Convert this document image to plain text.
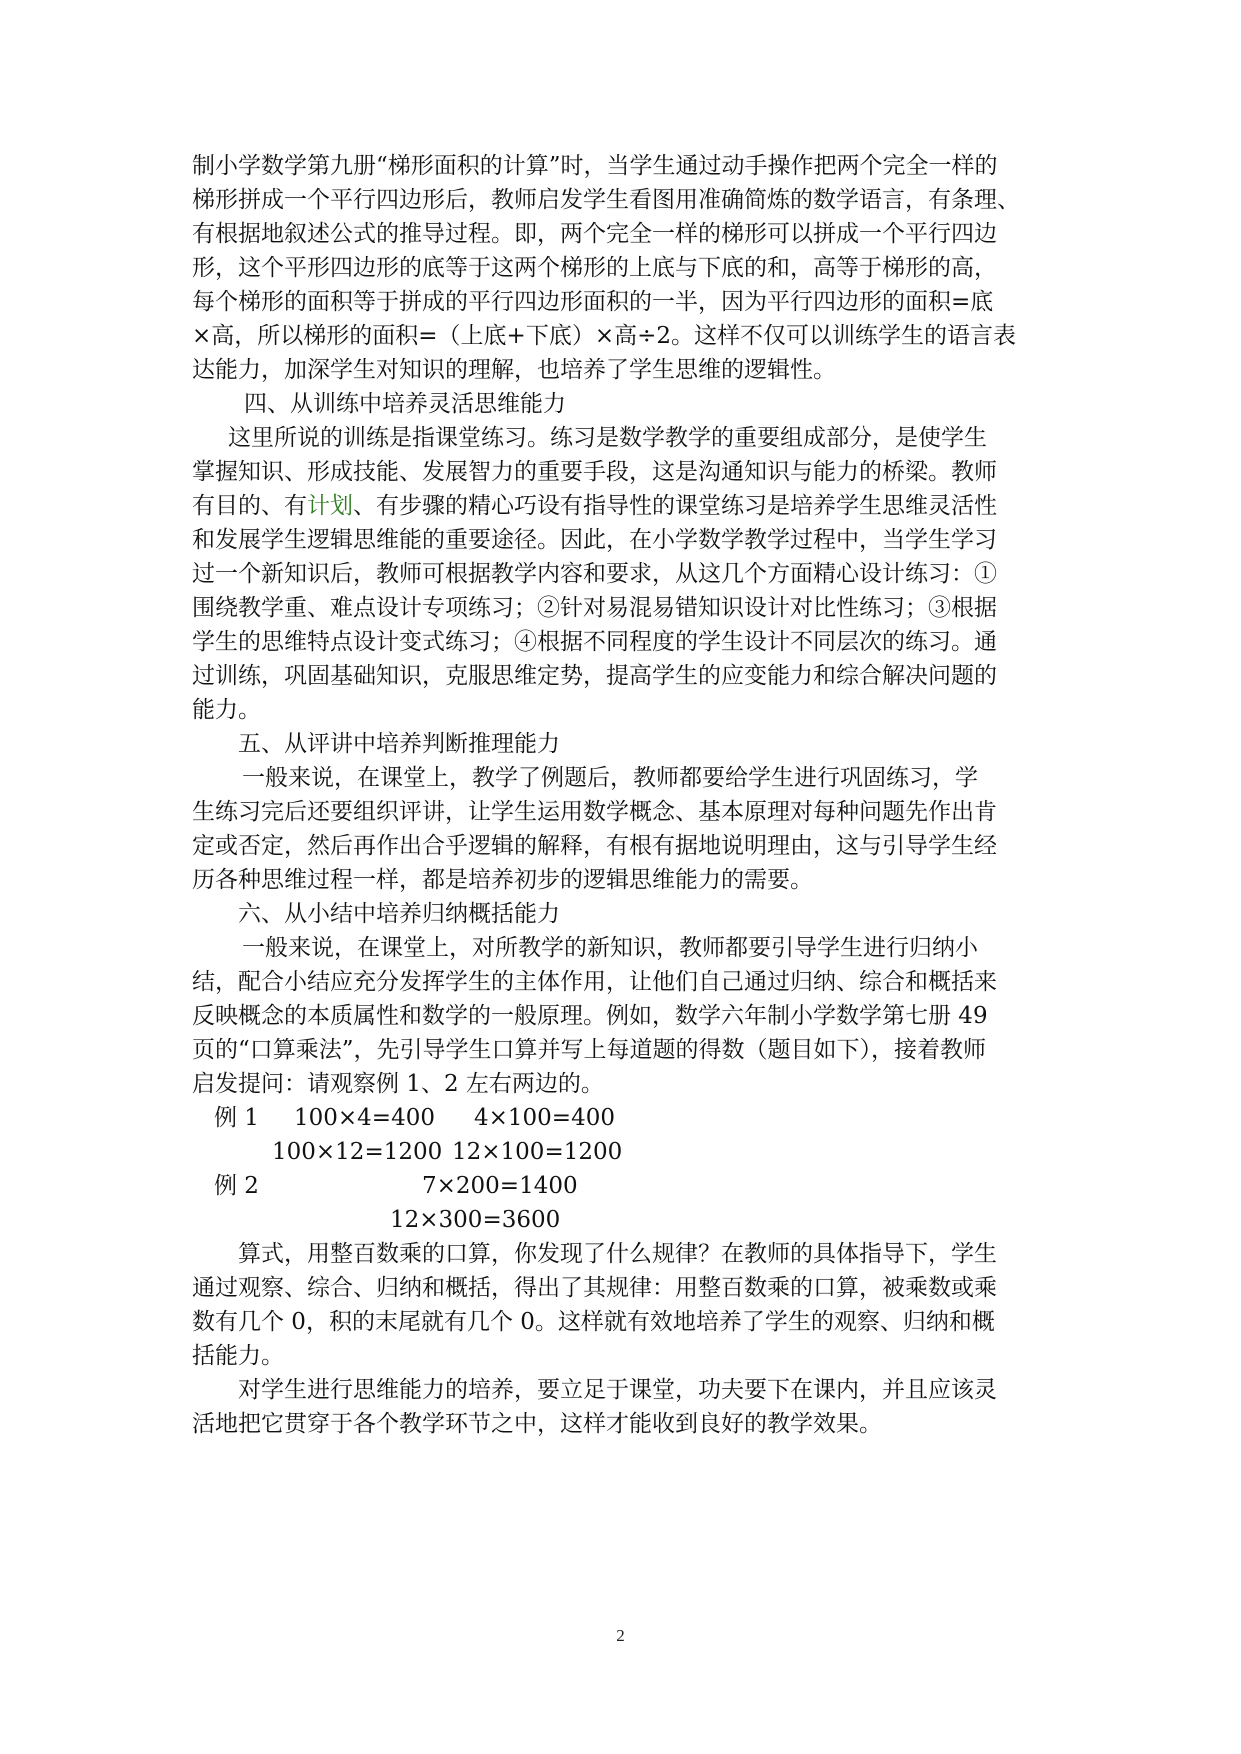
制小学数学第九册“梯形面积的计算”时，当学生通过动手操作把两个完全一样的
梯形拼成一个平行四边形后，教师启发学生看图用准确简炼的数学语言，有条理、
有根据地叙述公式的推导过程。即，两个完全一样的梯形可以拼成一个平行四边
形，这个平形四边形的底等于这两个梯形的上底与下底的和，高等于梯形的高，
每个梯形的面积等于拼成的平行四边形面积的一半，因为平行四边形的面积=底
×高，所以梯形的面积=（上底+下底）×高÷2。这样不仅可以训练学生的语言表
达能力，加深学生对知识的理解，也培养了学生思维的逻辑性。
四、从训练中培养灵活思维能力
这里所说的训练是指课堂练习。练习是数学教学的重要组成部分，是使学生
掌握知识、形成技能、发展智力的重要手段，这是沟通知识与能力的桥梁。教师
有目的、有计划、有步骤的精心巧设有指导性的课堂练习是培养学生思维灵活性
和发展学生逻辑思维能的重要途径。因此，在小学数学教学过程中，当学生学习
过一个新知识后，教师可根据教学内容和要求，从这几个方面精心设计练习：①
围绕教学重、难点设计专项练习；②针对易混易错知识设计对比性练习；③根据
学生的思维特点设计变式练习；④根据不同程度的学生设计不同层次的练习。通
过训练，巩固基础知识，克服思维定势，提高学生的应变能力和综合解决问题的
能力。
五、从评讲中培养判断推理能力
一般来说，在课堂上，教学了例题后，教师都要给学生进行巩固练习，学
生练习完后还要组织评讲，让学生运用数学概念、基本原理对每种问题先作出肯
定或否定，然后再作出合乎逻辑的解释，有根有据地说明理由，这与引导学生经
历各种思维过程一样，都是培养初步的逻辑思维能力的需要。
六、从小结中培养归纳概括能力
一般来说，在课堂上，对所教学的新知识，教师都要引导学生进行归纳小
结，配合小结应充分发挥学生的主体作用，让他们自己通过归纳、综合和概括来
反映概念的本质属性和数学的一般原理。例如，数学六年制小学数学第七册 49
页的“口算乘法”，先引导学生口算并写上每道题的得数（题目如下），接着教师
启发提问：请观察例 1、2 左右两边的。
例 1 100×4=400 4×100=400
100×12=1200 12×100=1200
例 2	7×200=1400
12×300=3600
算式，用整百数乘的口算，你发现了什么规律？在教师的具体指导下，学生
通过观察、综合、归纳和概括，得出了其规律：用整百数乘的口算，被乘数或乘
数有几个 0，积的末尾就有几个 0。这样就有效地培养了学生的观察、归纳和概
括能力。
对学生进行思维能力的培养，要立足于课堂，功夫要下在课内，并且应该灵
活地把它贯穿于各个教学环节之中，这样才能收到良好的教学效果。
2
